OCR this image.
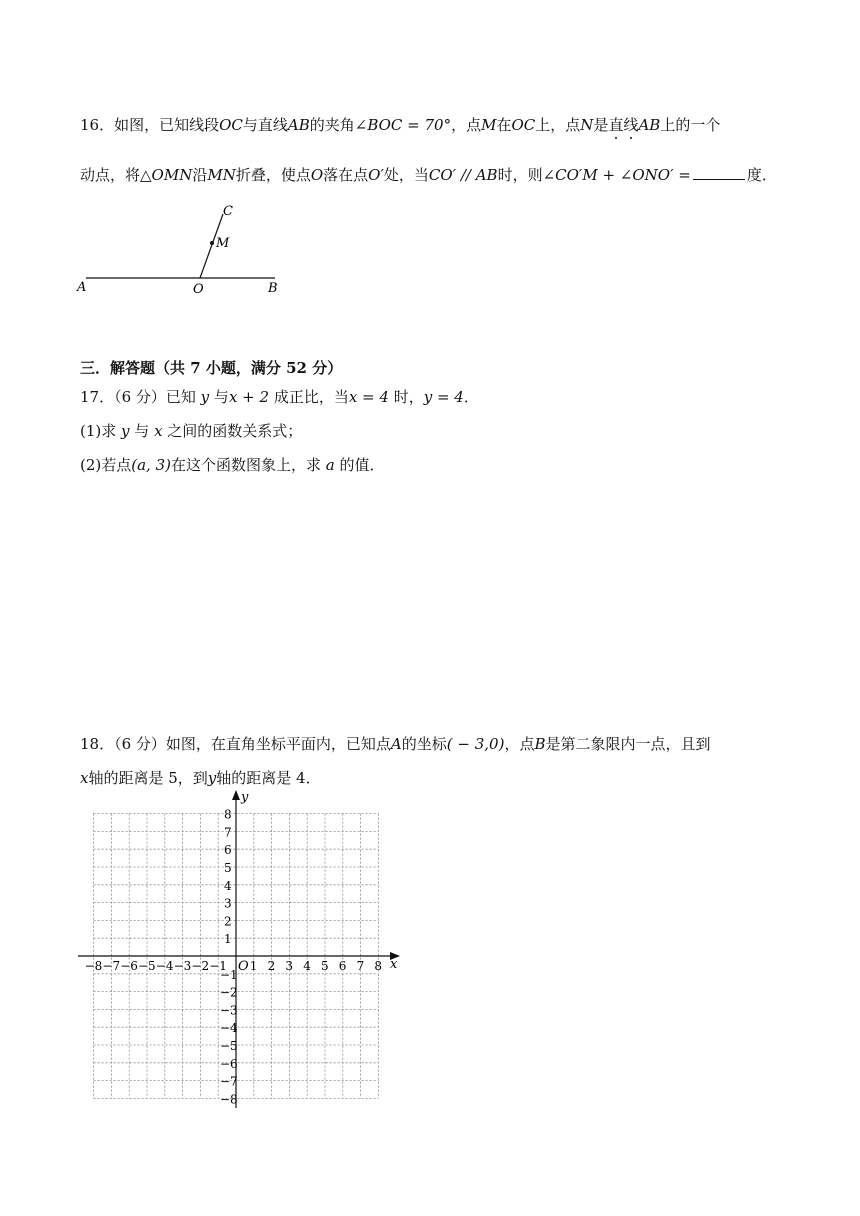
16．如图，已知线段OC与直线AB的夹角∠BOC = 70°，点M在OC上，点N是直线
AB上的一个
动点，将△OMN沿MN折叠，使点O落在点O′处，当CO′ // AB时，则∠CO′M + ∠ONO′ =	度．
C
M
A	O	B
三．解答题（共 7 小题，满分 52 分）
17．（6 分）已知 y 与x + 2 成正比，当x = 4 时，y = 4．
(1)求 y 与 x 之间的函数关系式；
(2)若点(a, 3)在这个函数图象上，求 a 的值．
18．（6 分）如图，在直角坐标平面内，已知点A的坐标( − 3,0)，点B是第二象限内一点，且到
x轴的距离是 5，到y轴的距离是 4．
x
y
O
−8 −7 −6 −5 −4 −3 −2 −1 1 2 3 4 5 6 7 8
8
−1
7
−2
6
−3
5
−4
4
−5
3
−6
2
−7
1
−8
